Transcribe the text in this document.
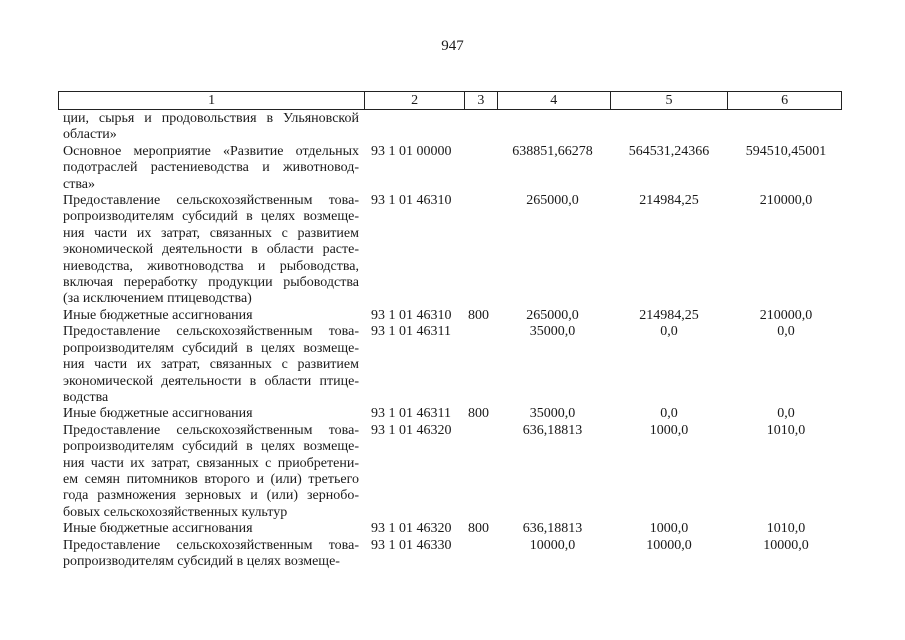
947
1	2	3	4	5	6
ции, сырья и продовольствия в Ульяновской
области»
Основное мероприятие «Развитие отдельных
подотраслей растениеводства и животновод-
ства»
93 1 01 00000	638851,66278	564531,24366	594510,45001
Предоставление сельскохозяйственным това-
ропроизводителям субсидий в целях возмеще-
ния части их затрат, связанных с развитием
экономической деятельности в области расте-
ниеводства, животноводства и рыбоводства,
включая переработку продукции рыбоводства
(за исключением птицеводства)
93 1 01 46310	265000,0	214984,25	210000,0
Иные бюджетные ассигнования	93 1 01 46310 800	265000,0	214984,25	210000,0
Предоставление сельскохозяйственным това-
ропроизводителям субсидий в целях возмеще-
ния части их затрат, связанных с развитием
экономической деятельности в области птице-
водства
93 1 01 46311	35000,0	0,0	0,0
Иные бюджетные ассигнования	93 1 01 46311 800	35000,0	0,0	0,0
Предоставление сельскохозяйственным това-
ропроизводителям субсидий в целях возмеще-
ния части их затрат, связанных с приобретени-
ем семян питомников второго и (или) третьего
года размножения зерновых и (или) зернобо-
бовых сельскохозяйственных культур
93 1 01 46320	636,18813	1000,0	1010,0
Иные бюджетные ассигнования	93 1 01 46320 800	636,18813	1000,0	1010,0
Предоставление сельскохозяйственным това-
ропроизводителям субсидий в целях возмеще-
93 1 01 46330	10000,0	10000,0	10000,0
